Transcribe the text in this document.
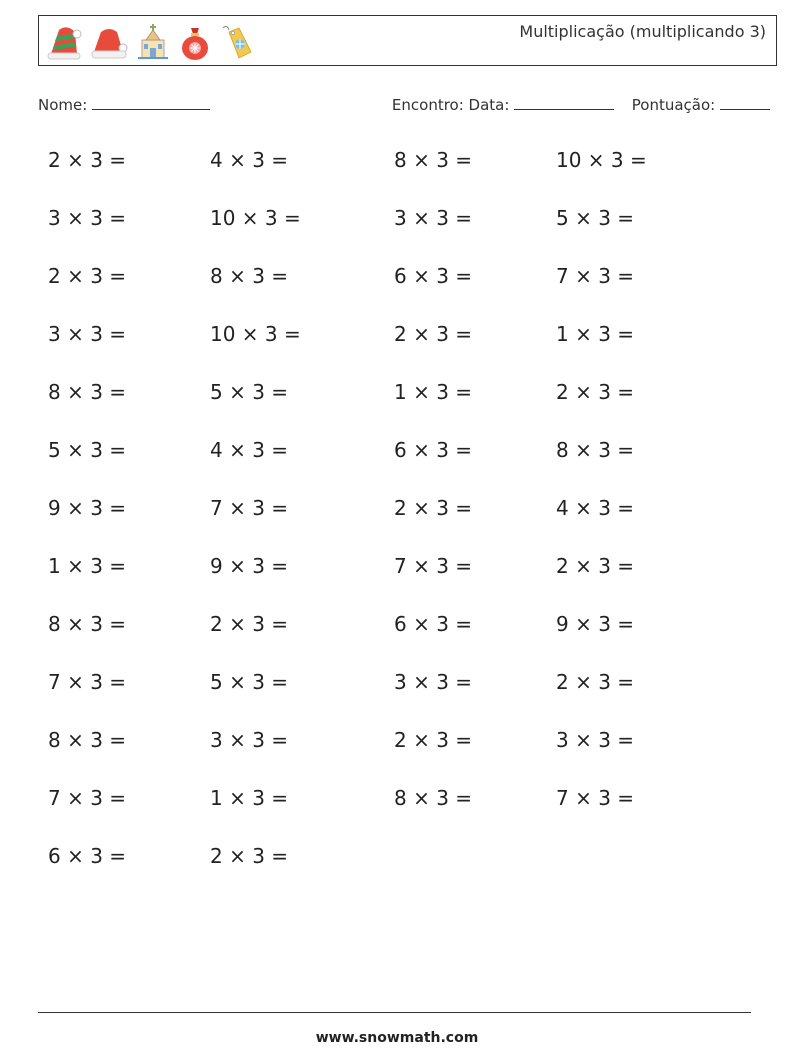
Multiplicação (multiplicando 3)
Nome:	Encontro: Data:	Pontuação:
2 × 3 =	4 × 3 =	8 × 3 =	10 × 3 =
3 × 3 =	10 × 3 =	3 × 3 =	5 × 3 =
2 × 3 =	8 × 3 =	6 × 3 =	7 × 3 =
3 × 3 =	10 × 3 =	2 × 3 =	1 × 3 =
8 × 3 =	5 × 3 =	1 × 3 =	2 × 3 =
5 × 3 =	4 × 3 =	6 × 3 =	8 × 3 =
9 × 3 =	7 × 3 =	2 × 3 =	4 × 3 =
1 × 3 =	9 × 3 =	7 × 3 =	2 × 3 =
8 × 3 =	2 × 3 =	6 × 3 =	9 × 3 =
7 × 3 =	5 × 3 =	3 × 3 =	2 × 3 =
8 × 3 =	3 × 3 =	2 × 3 =	3 × 3 =
7 × 3 =	1 × 3 =	8 × 3 =	7 × 3 =
6 × 3 =	2 × 3 =
www.snowmath.com
